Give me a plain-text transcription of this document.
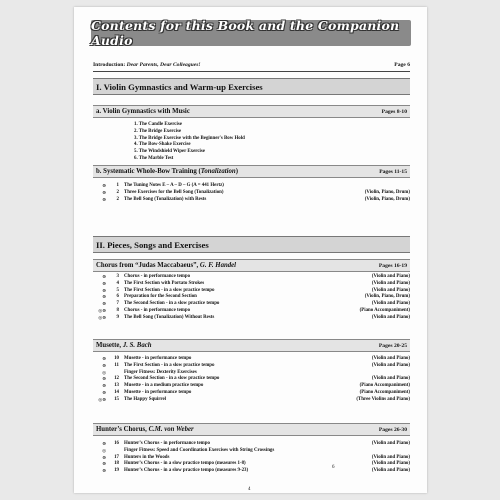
Contents for this Book and the Companion Audio
Introduction: Dear Parents, Dear Colleagues!	Page 6
I. Violin Gymnastics and Warm-up Exercises
a. Violin Gymnastics with Music	Pages 8-10
1. The Candle Exercise
2. The Bridge Exercise
3. The Bridge Exercise with the Beginner's Bow Hold
4. The Bow-Shake Exercise
5. The Windshield Wiper Exercise
6. The Marble Test
b. Systematic Whole-Bow Training (Tonalization)	Pages 11-15
⊙	1 The Tuning Notes E – A – D – G (A = 441 Hertz)
⊙	2 Three Exercises for the Bell Song (Tonalization)	(Violin, Piano, Drum)
⊙	2 The Bell Song (Tonalization) with Rests	(Violin, Piano, Drum)
II. Pieces, Songs and Exercises
Chorus from “Judas Maccabaeus”, G. F. Handel	Pages 16-19
⊙	3 Chorus - in performance tempo	(Violin and Piano)
⊙	4 The First Section with Portato Strokes	(Violin and Piano)
⊙	5 The First Section - in a slow practice tempo	(Violin and Piano)
⊙	6 Preparation for the Second Section	(Violin, Piano, Drum)
⊙	7 The Second Section - in a slow practice tempo	(Violin and Piano)
◎⊙	8 Chorus - in performance tempo	(Piano Accompaniment)
◎⊙	9 The Bell Song (Tonalization) Without Rests	(Violin and Piano)
Musette, J. S. Bach	Pages 20-25
⊙	10 Musette - in performance tempo	(Violin and Piano)
⊙	11 The First Section - in a slow practice tempo	(Violin and Piano)
◎	Finger Fitness: Dexterity Exercises
⊙	12 The Second Section - in a slow practice tempo	(Violin and Piano)
⊙	13 Musette - in a medium practice tempo	(Piano Accompaniment)
⊙	14 Musette - in performance tempo	(Piano Accompaniment)
◎⊙	15 The Happy Squirrel	(Three Violins and Piano)
Hunter’s Chorus, C.M. von Weber	Pages 26-30
⊙	16 Hunter’s Chorus - in performance tempo	(Violin and Piano)
◎	Finger Fitness: Speed and Coordination Exercises with String Crossings
⊙	17 Hunters in the Woods	(Violin and Piano)
⊙	18 Hunter’s Chorus - in a slow practice tempo (measures 1-8)	(Violin and Piano)
⊙	19 Hunter’s Chorus - in a slow practice tempo (measures 9-23)	(Violin and Piano)
6
4
